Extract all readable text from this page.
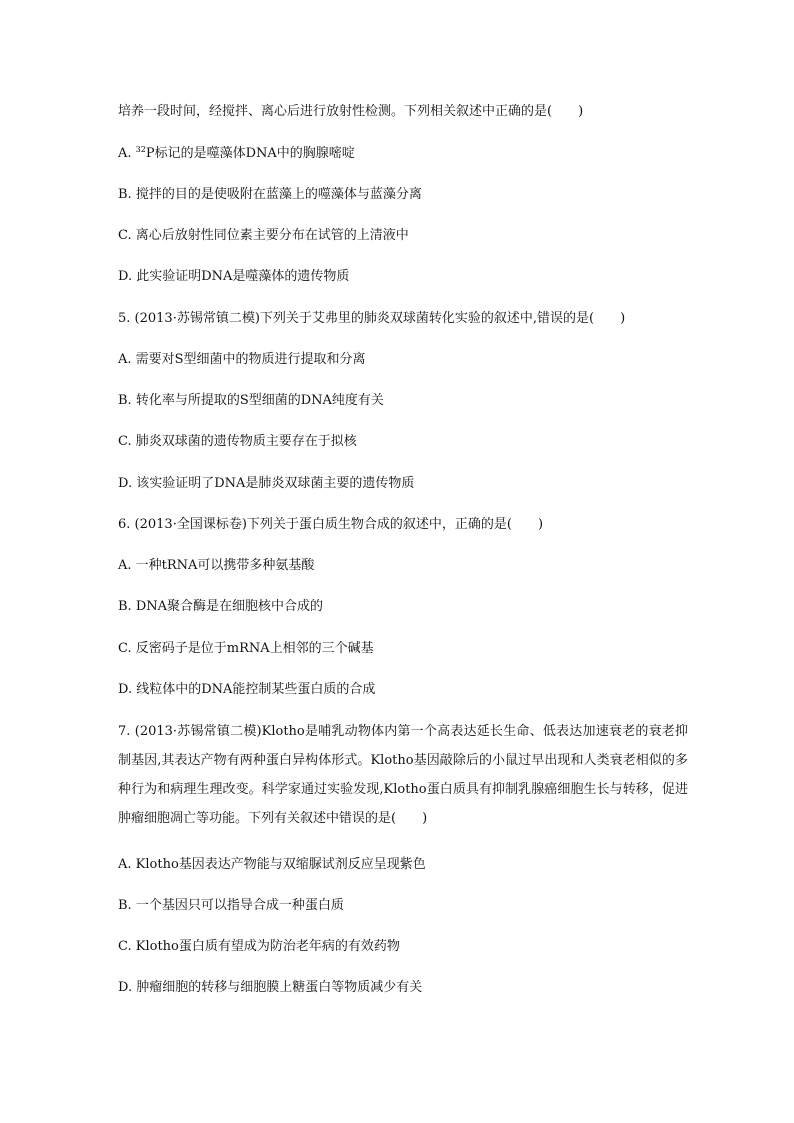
培养一段时间，经搅拌、离心后进行放射性检测。下列相关叙述中正确的是(　　)
A. $^{32}$P标记的是噬藻体DNA中的胸腺嘧啶
B. 搅拌的目的是使吸附在蓝藻上的噬藻体与蓝藻分离
C. 离心后放射性同位素主要分布在试管的上清液中
D. 此实验证明DNA是噬藻体的遗传物质
5. (2013·苏锡常镇二模)下列关于艾弗里的肺炎双球菌转化实验的叙述中,错误的是(　　)
A. 需要对S型细菌中的物质进行提取和分离
B. 转化率与所提取的S型细菌的DNA纯度有关
C. 肺炎双球菌的遗传物质主要存在于拟核
D. 该实验证明了DNA是肺炎双球菌主要的遗传物质
6. (2013·全国课标卷)下列关于蛋白质生物合成的叙述中，正确的是(　　)
A. 一种tRNA可以携带多种氨基酸
B. DNA聚合酶是在细胞核中合成的
C. 反密码子是位于mRNA上相邻的三个碱基
D. 线粒体中的DNA能控制某些蛋白质的合成
7. (2013·苏锡常镇二模)Klotho是哺乳动物体内第一个高表达延长生命、低表达加速衰老的衰老抑制基因,其表达产物有两种蛋白异构体形式。Klotho基因敲除后的小鼠过早出现和人类衰老相似的多种行为和病理生理改变。科学家通过实验发现,Klotho蛋白质具有抑制乳腺癌细胞生长与转移，促进肿瘤细胞凋亡等功能。下列有关叙述中错误的是(　　)
A. Klotho基因表达产物能与双缩脲试剂反应呈现紫色
B. 一个基因只可以指导合成一种蛋白质
C. Klotho蛋白质有望成为防治老年病的有效药物
D. 肿瘤细胞的转移与细胞膜上糖蛋白等物质减少有关
